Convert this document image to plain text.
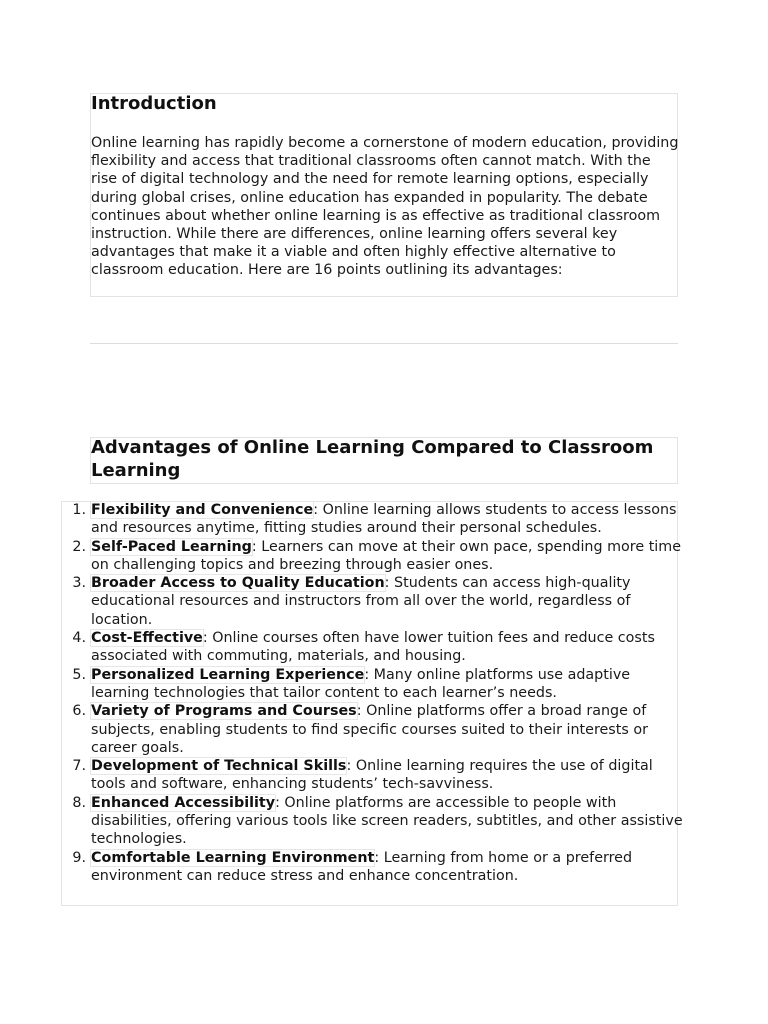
Introduction

Online learning has rapidly become a cornerstone of modern education, providing flexibility and access that traditional classrooms often cannot match. With the rise of digital technology and the need for remote learning options, especially during global crises, online education has expanded in popularity. The debate continues about whether online learning is as effective as traditional classroom instruction. While there are differences, online learning offers several key advantages that make it a viable and often highly effective alternative to classroom education. Here are 16 points outlining its advantages:

Advantages of Online Learning Compared to Classroom Learning
1. Flexibility and Convenience: Online learning allows students to access lessons and resources anytime, fitting studies around their personal schedules.
2. Self-Paced Learning: Learners can move at their own pace, spending more time on challenging topics and breezing through easier ones.
3. Broader Access to Quality Education: Students can access high-quality educational resources and instructors from all over the world, regardless of location.
4. Cost-Effective: Online courses often have lower tuition fees and reduce costs associated with commuting, materials, and housing.
5. Personalized Learning Experience: Many online platforms use adaptive learning technologies that tailor content to each learner’s needs.
6. Variety of Programs and Courses: Online platforms offer a broad range of subjects, enabling students to find specific courses suited to their interests or career goals.
7. Development of Technical Skills: Online learning requires the use of digital tools and software, enhancing students’ tech-savviness.
8. Enhanced Accessibility: Online platforms are accessible to people with disabilities, offering various tools like screen readers, subtitles, and other assistive technologies.
9. Comfortable Learning Environment: Learning from home or a preferred environment can reduce stress and enhance concentration.
